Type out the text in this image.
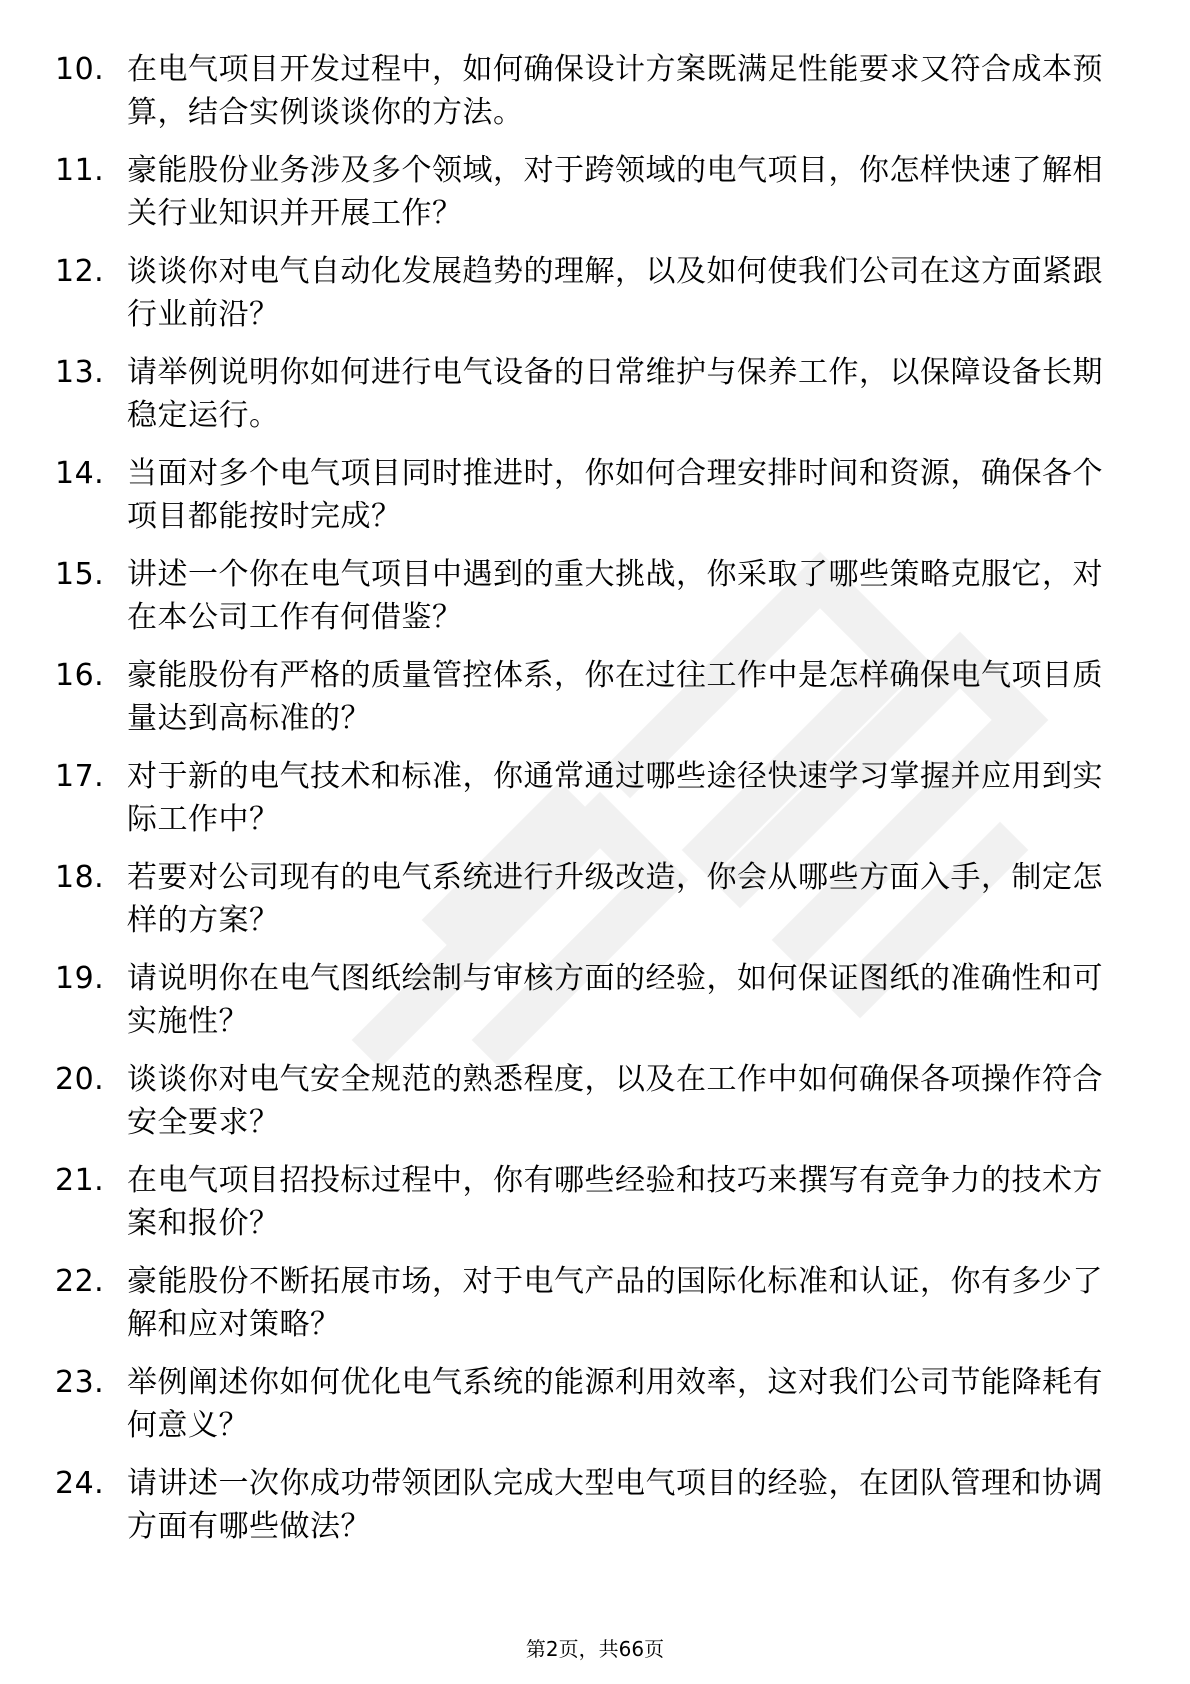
10. 在电气项目开发过程中，如何确保设计方案既满足性能要求又符合成本预算，结合实例谈谈你的方法。
11. 豪能股份业务涉及多个领域，对于跨领域的电气项目，你怎样快速了解相关行业知识并开展工作？
12. 谈谈你对电气自动化发展趋势的理解，以及如何使我们公司在这方面紧跟行业前沿？
13. 请举例说明你如何进行电气设备的日常维护与保养工作，以保障设备长期稳定运行。
14. 当面对多个电气项目同时推进时，你如何合理安排时间和资源，确保各个项目都能按时完成？
15. 讲述一个你在电气项目中遇到的重大挑战，你采取了哪些策略克服它，对在本公司工作有何借鉴？
16. 豪能股份有严格的质量管控体系，你在过往工作中是怎样确保电气项目质量达到高标准的？
17. 对于新的电气技术和标准，你通常通过哪些途径快速学习掌握并应用到实际工作中？
18. 若要对公司现有的电气系统进行升级改造，你会从哪些方面入手，制定怎样的方案？
19. 请说明你在电气图纸绘制与审核方面的经验，如何保证图纸的准确性和可实施性？
20. 谈谈你对电气安全规范的熟悉程度，以及在工作中如何确保各项操作符合安全要求？
21. 在电气项目招投标过程中，你有哪些经验和技巧来撰写有竞争力的技术方案和报价？
22. 豪能股份不断拓展市场，对于电气产品的国际化标准和认证，你有多少了解和应对策略？
23. 举例阐述你如何优化电气系统的能源利用效率，这对我们公司节能降耗有何意义？
24. 请讲述一次你成功带领团队完成大型电气项目的经验，在团队管理和协调方面有哪些做法？
第2页，共66页
